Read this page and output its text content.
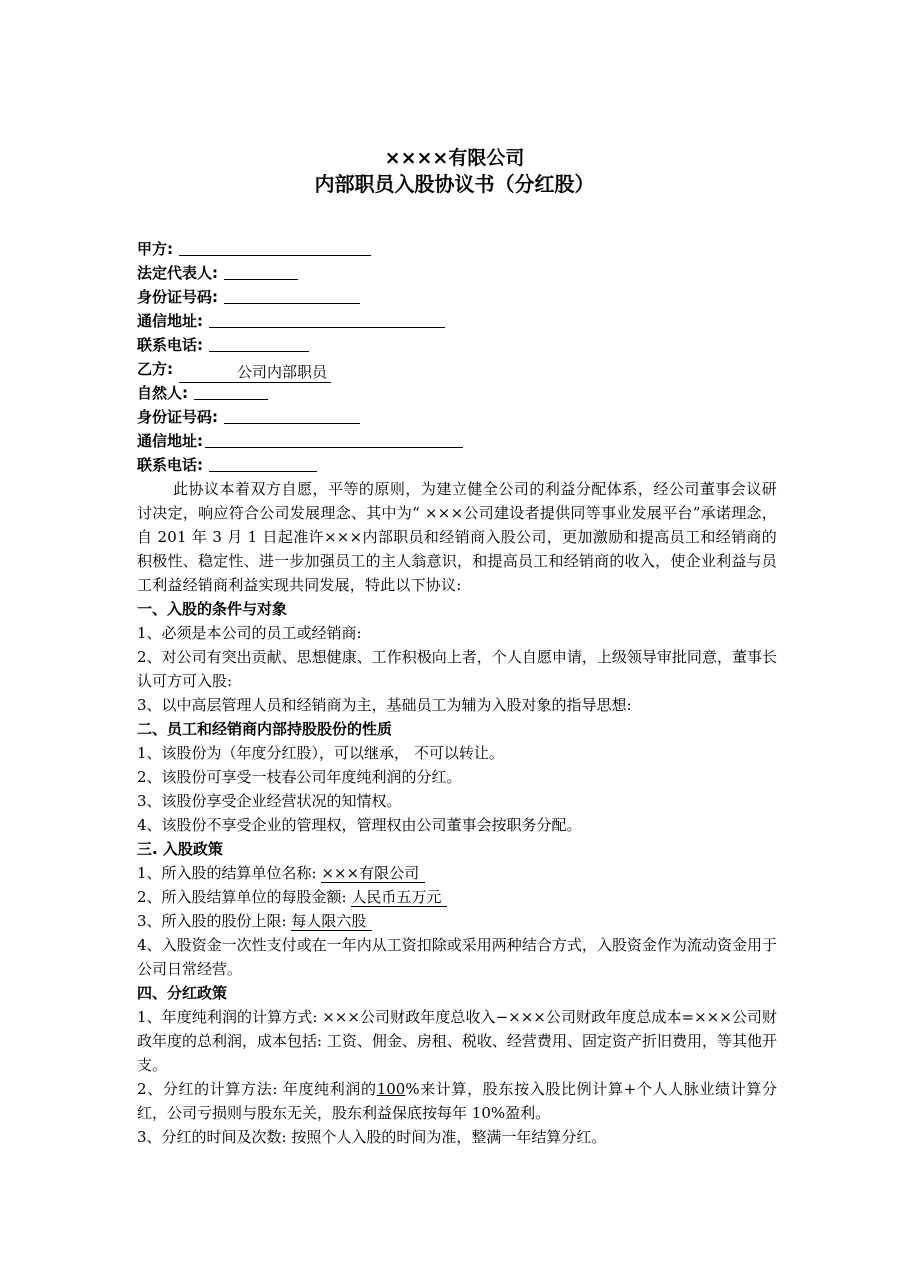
××××有限公司
内部职员入股协议书（分红股）
甲方:
法定代表人:
身份证号码:
通信地址:
联系电话:
乙方:	公司内部职员
自然人:
身份证号码:
通信地址:
联系电话:
此协议本着双方自愿，平等的原则，为建立健全公司的利益分配体系，经公司董事会议研讨决定，响应符合公司发展理念、其中为“ ×××公司建设者提供同等事业发展平台”承诺理念，自 201 年 3 月 1 日起准许×××内部职员和经销商入股公司，更加激励和提高员工和经销商的积极性、稳定性、进一步加强员工的主人翁意识，和提高员工和经销商的收入，使企业利益与员工利益经销商利益实现共同发展，特此以下协议:
一、入股的条件与对象
1、必须是本公司的员工或经销商:
2、对公司有突出贡献、思想健康、工作积极向上者，个人自愿申请，上级领导审批同意，董事长认可方可入股:
3、以中高层管理人员和经销商为主，基础员工为辅为入股对象的指导思想:
二、员工和经销商内部持股股份的性质
1、该股份为（年度分红股），可以继承， 不可以转让。
2、该股份可享受一枝春公司年度纯利润的分红。
3、该股份享受企业经营状况的知情权。
4、该股份不享受企业的管理权，管理权由公司董事会按职务分配。
三. 入股政策
1、所入股的结算单位名称: ×××有限公司
2、所入股结算单位的每股金额: 人民币五万元
3、所入股的股份上限: 每人限六股
4、入股资金一次性支付或在一年内从工资扣除或采用两种结合方式，入股资金作为流动资金用于公司日常经营。
四、分红政策
1、年度纯利润的计算方式: ×××公司财政年度总收入−×××公司财政年度总成本=×××公司财政年度的总利润，成本包括: 工资、佣金、房租、税收、经营费用、固定资产折旧费用，等其他开支。
2、分红的计算方法: 年度纯利润的100%来计算，股东按入股比例计算+个人人脉业绩计算分红，公司亏损则与股东无关，股东利益保底按每年 10%盈利。
3、分红的时间及次数: 按照个人入股的时间为准，整满一年结算分红。
